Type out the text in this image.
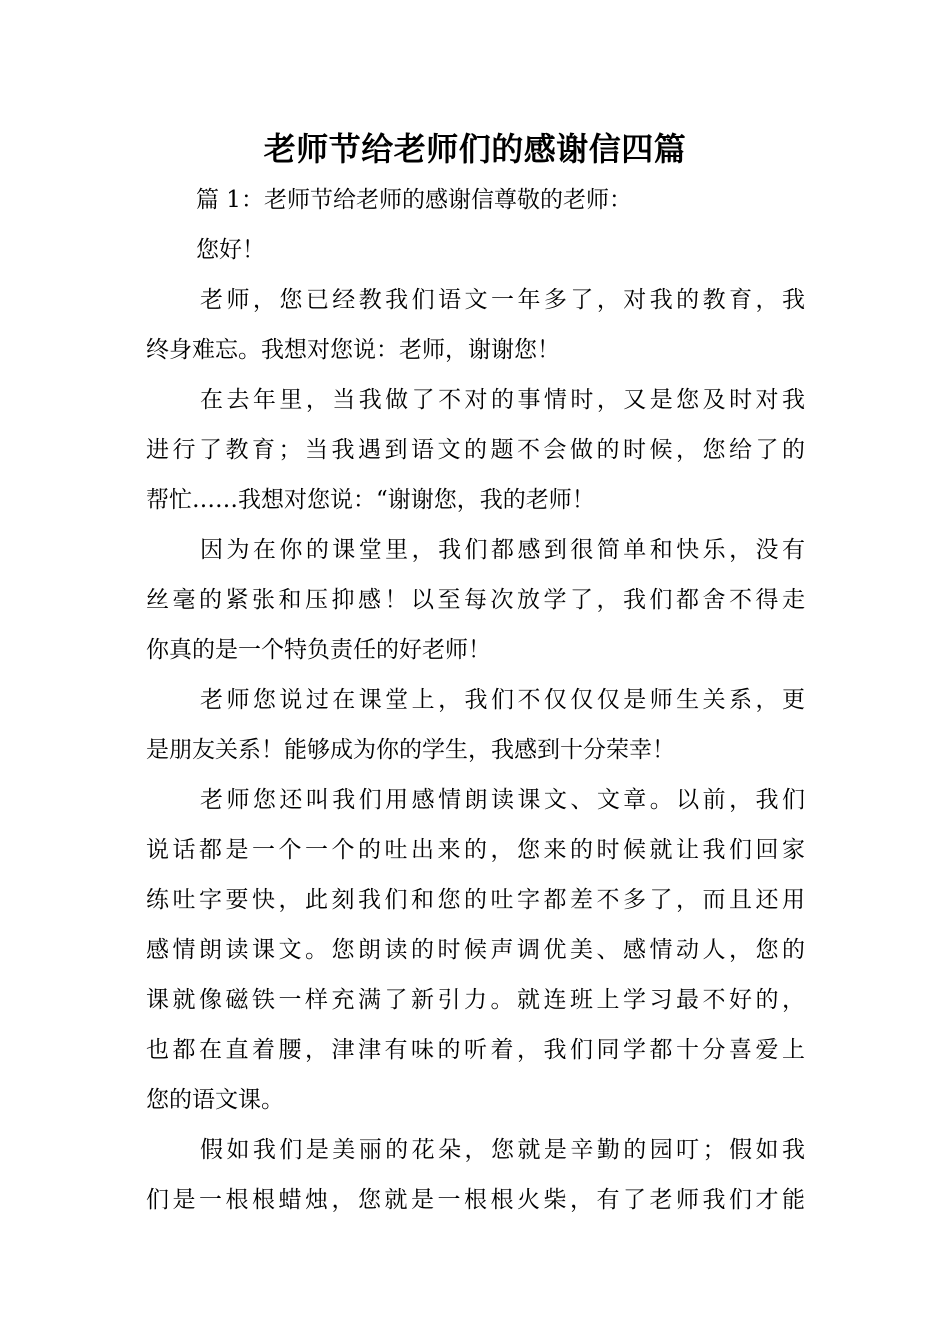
老师节给老师们的感谢信四篇
篇 1：老师节给老师的感谢信尊敬的老师：
您好！
老师，您已经教我们语文一年多了，对我的教育，我
终身难忘。我想对您说：老师，谢谢您！
在去年里，当我做了不对的事情时，又是您及时对我
进行了教育；当我遇到语文的题不会做的时候，您给了的
帮忙……我想对您说：“谢谢您，我的老师！
因为在你的课堂里，我们都感到很简单和快乐，没有
丝毫的紧张和压抑感！以至每次放学了，我们都舍不得走
你真的是一个特负责任的好老师！
老师您说过在课堂上，我们不仅仅仅是师生关系，更
是朋友关系！能够成为你的学生，我感到十分荣幸！
老师您还叫我们用感情朗读课文、文章。以前，我们
说话都是一个一个的吐出来的，您来的时候就让我们回家
练吐字要快，此刻我们和您的吐字都差不多了，而且还用
感情朗读课文。您朗读的时候声调优美、感情动人，您的
课就像磁铁一样充满了新引力。就连班上学习最不好的，
也都在直着腰，津津有味的听着，我们同学都十分喜爱上
您的语文课。
假如我们是美丽的花朵，您就是辛勤的园叮；假如我
们是一根根蜡烛，您就是一根根火柴，有了老师我们才能
